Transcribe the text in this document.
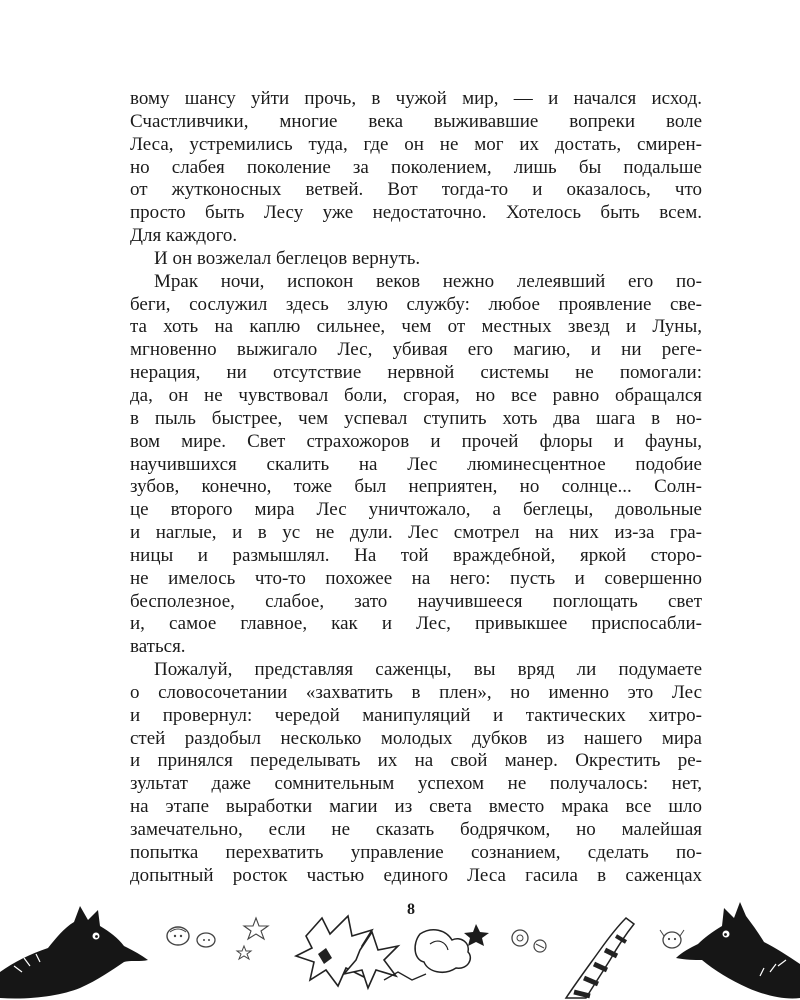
вому шансу уйти прочь, в чужой мир, — и начался исход.
Счастливчики, многие века выживавшие вопреки воле
Леса, устремились туда, где он не мог их достать, смирен-
но слабея поколение за поколением, лишь бы подальше
от жутконосных ветвей. Вот тогда-то и оказалось, что
просто быть Лесу уже недостаточно. Хотелось быть всем.
Для каждого.
И он возжелал беглецов вернуть.
Мрак ночи, испокон веков нежно лелеявший его по-
беги, сослужил здесь злую службу: любое проявление све-
та хоть на каплю сильнее, чем от местных звезд и Луны,
мгновенно выжигало Лес, убивая его магию, и ни реге-
нерация, ни отсутствие нервной системы не помогали:
да, он не чувствовал боли, сгорая, но все равно обращался
в пыль быстрее, чем успевал ступить хоть два шага в но-
вом мире. Свет страхожоров и прочей флоры и фауны,
научившихся скалить на Лес люминесцентное подобие
зубов, конечно, тоже был неприятен, но солнце... Солн-
це второго мира Лес уничтожало, а беглецы, довольные
и наглые, и в ус не дули. Лес смотрел на них из-за гра-
ницы и размышлял. На той враждебной, яркой сторо-
не имелось что-то похожее на него: пусть и совершенно
бесполезное, слабое, зато научившееся поглощать свет
и, самое главное, как и Лес, привыкшее приспосабли-
ваться.
Пожалуй, представляя саженцы, вы вряд ли подумаете
о словосочетании «захватить в плен», но именно это Лес
и провернул: чередой манипуляций и тактических хитро-
стей раздобыл несколько молодых дубков из нашего мира
и принялся переделывать их на свой манер. Окрестить ре-
зультат даже сомнительным успехом не получалось: нет,
на этапе выработки магии из света вместо мрака все шло
замечательно, если не сказать бодрячком, но малейшая
попытка перехватить управление сознанием, сделать по-
допытный росток частью единого Леса гасила в саженцах
8
